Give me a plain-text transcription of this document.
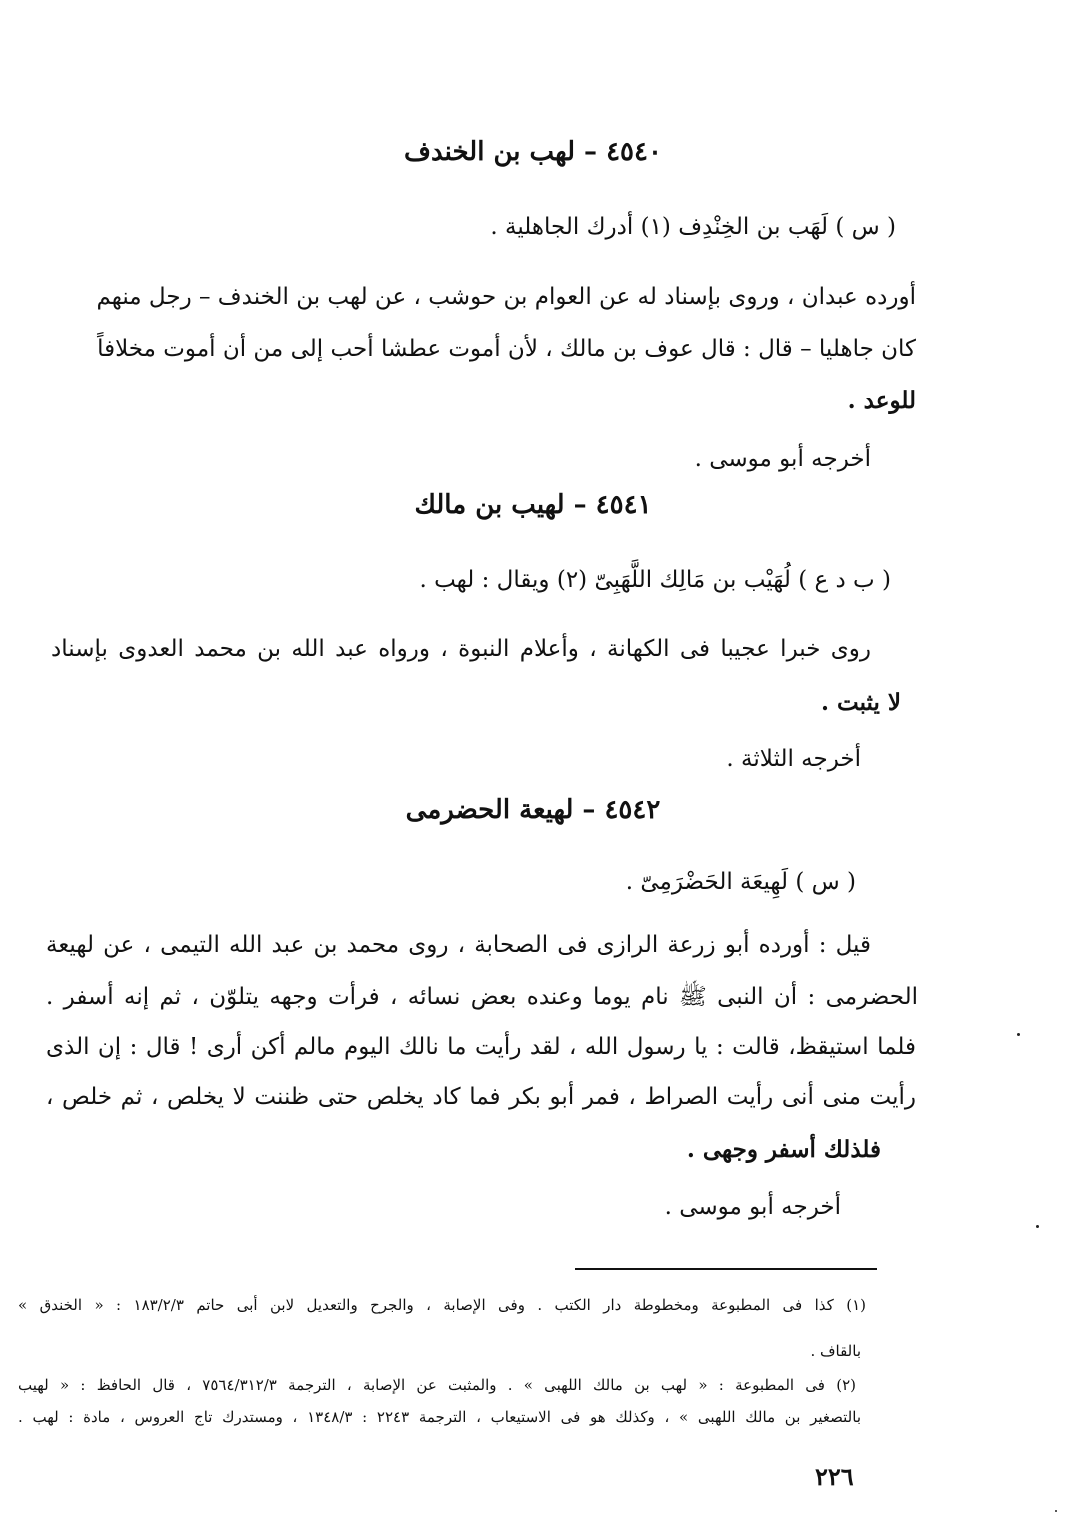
٤٥٤٠ – لهب بن الخندف
( س ) لَهَب بن الخِنْدِف (١) أدرك الجاهلية .
أورده عبدان ، وروى بإسناد له عن العوام بن حوشب ، عن لهب بن الخندف – رجل منهم
كان جاهليا – قال : قال عوف بن مالك ، لأن أموت عطشا أحب إلى من أن أموت مخلافاً
للوعد .
أخرجه أبو موسى .
٤٥٤١ – لهيب بن مالك
( ب د ع ) لُهَيْب بن مَالِك اللَّهَبِىّ (٢) ويقال : لهب .
روى خبرا عجيبا فى الكهانة ، وأعلام النبوة ، ورواه عبد الله بن محمد العدوى بإسناد
لا يثبت .
أخرجه الثلاثة .
٤٥٤٢ – لهيعة الحضرمى
( س ) لَهِيعَة الحَضْرَمِىّ .
قيل : أورده أبو زرعة الرازى فى الصحابة ، روى محمد بن عبد الله التيمى ، عن لهيعة
الحضرمى : أن النبى ﷺ نام يوما وعنده بعض نسائه ، فرأت وجهه يتلوّن ، ثم إنه أسفر .
فلما استيقظ، قالت : يا رسول الله ، لقد رأيت ما نالك اليوم مالم أكن أرى ! قال : إن الذى
رأيت منى أنى رأيت الصراط ، فمر أبو بكر فما كاد يخلص حتى ظننت لا يخلص ، ثم خلص ،
فلذلك أسفر وجهى .
أخرجه أبو موسى .
(١) كذا فى المطبوعة ومخطوطة دار الكتب . وفى الإصابة ، والجرح والتعديل لابن أبى حاتم ١٨٣/٢/٣ : « الخندق »
بالقاف .
(٢) فى المطبوعة : « لهب بن مالك اللهبى » . والمثبت عن الإصابة ، الترجمة ٧٥٦٤/٣١٢/٣ ، قال الحافظ : « لهيب
بالتصغير بن مالك اللهبى » ، وكذلك هو فى الاستيعاب ، الترجمة ٢٢٤٣ : ١٣٤٨/٣ ، ومستدرك تاج العروس ، مادة : لهب .
٢٢٦
